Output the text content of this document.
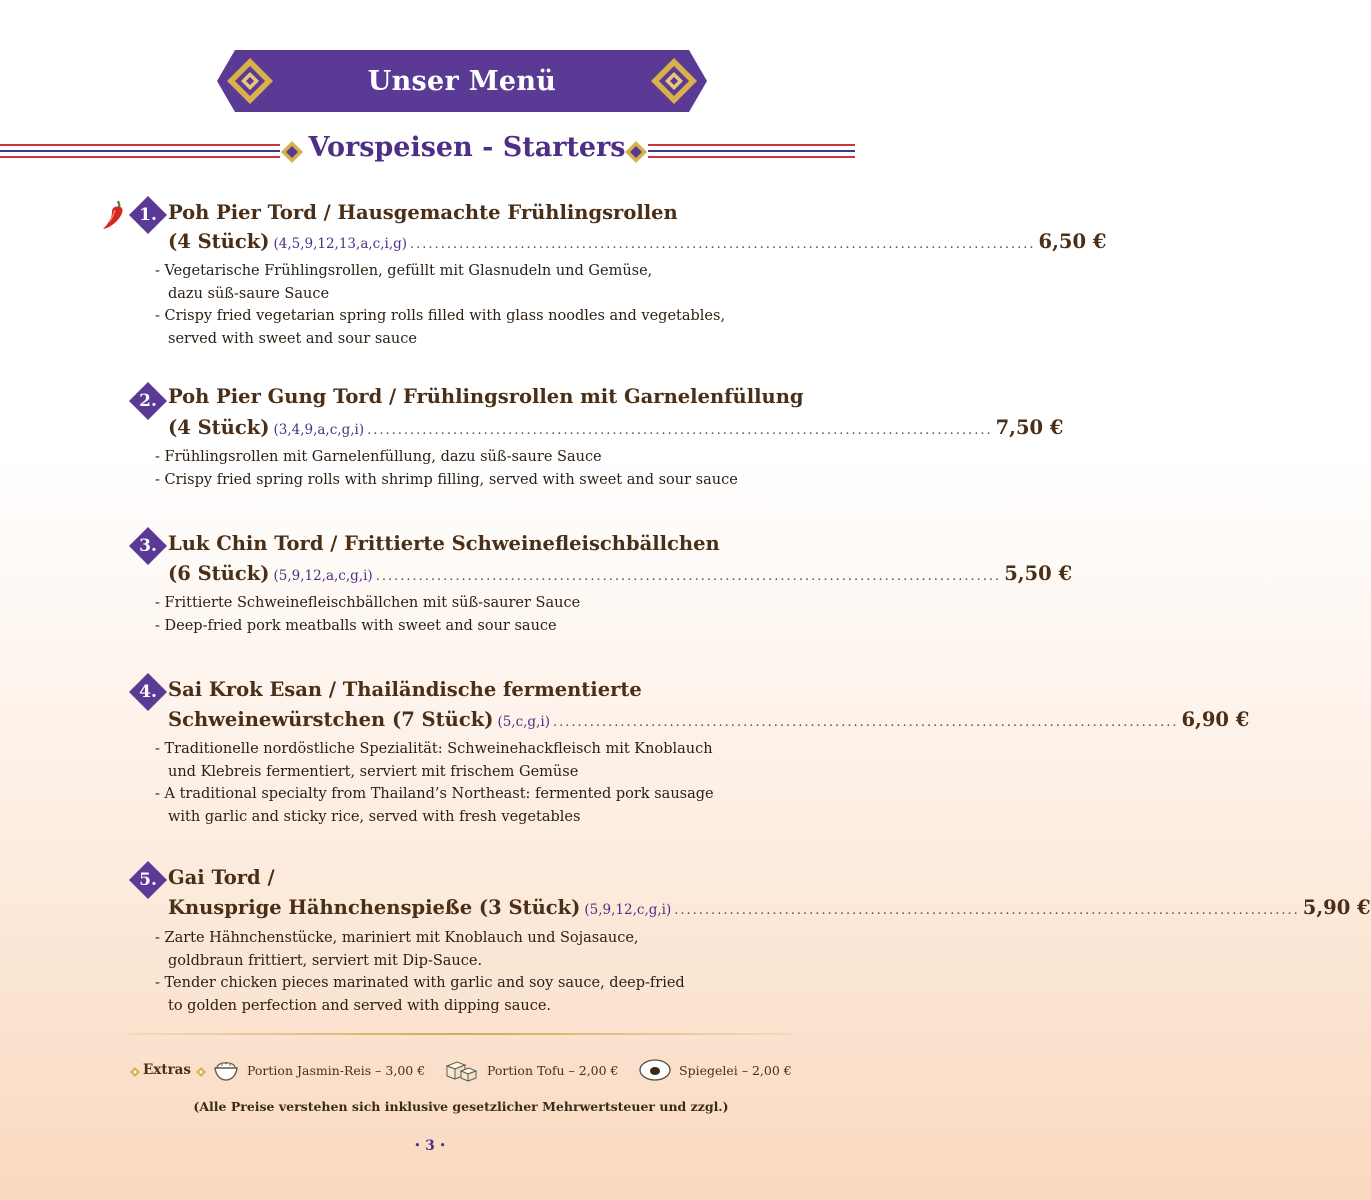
Unser Menü
Vorspeisen - Starters
1. Poh Pier Tord / Hausgemachte Frühlingsrollen
(4 Stück) (4,5,9,12,13,a,c,i,g) ...................................................................................................... 6,50 €
- Vegetarische Frühlingsrollen, gefüllt mit Glasnudeln und Gemüse,
dazu süß-saure Sauce
- Crispy fried vegetarian spring rolls filled with glass noodles and vegetables,
served with sweet and sour sauce
2. Poh Pier Gung Tord / Frühlingsrollen mit Garnelenfüllung
(4 Stück) (3,4,9,a,c,g,i) ...................................................................................................... 7,50 €
- Frühlingsrollen mit Garnelenfüllung, dazu süß-saure Sauce
- Crispy fried spring rolls with shrimp filling, served with sweet and sour sauce
3. Luk Chin Tord / Frittierte Schweinefleischbällchen
(6 Stück) (5,9,12,a,c,g,i) ...................................................................................................... 5,50 €
- Frittierte Schweinefleischbällchen mit süß-saurer Sauce
- Deep-fried pork meatballs with sweet and sour sauce
4. Sai Krok Esan / Thailändische fermentierte
Schweinewürstchen (7 Stück) (5,c,g,i) ...................................................................................................... 6,90 €
- Traditionelle nordöstliche Spezialität: Schweinehackfleisch mit Knoblauch
und Klebreis fermentiert, serviert mit frischem Gemüse
- A traditional specialty from Thailand’s Northeast: fermented pork sausage
with garlic and sticky rice, served with fresh vegetables
5. Gai Tord /
Knusprige Hähnchenspieße (3 Stück) (5,9,12,c,g,i) ...................................................................................................... 5,90 €
- Zarte Hähnchenstücke, mariniert mit Knoblauch und Sojasauce,
goldbraun frittiert, serviert mit Dip-Sauce.
- Tender chicken pieces marinated with garlic and soy sauce, deep-fried
to golden perfection and served with dipping sauce.
Extras	Portion Jasmin-Reis – 3,00 €	Portion Tofu – 2,00 €	Spiegelei – 2,00 €
(Alle Preise verstehen sich inklusive gesetzlicher Mehrwertsteuer und zzgl.)
• 3 •
